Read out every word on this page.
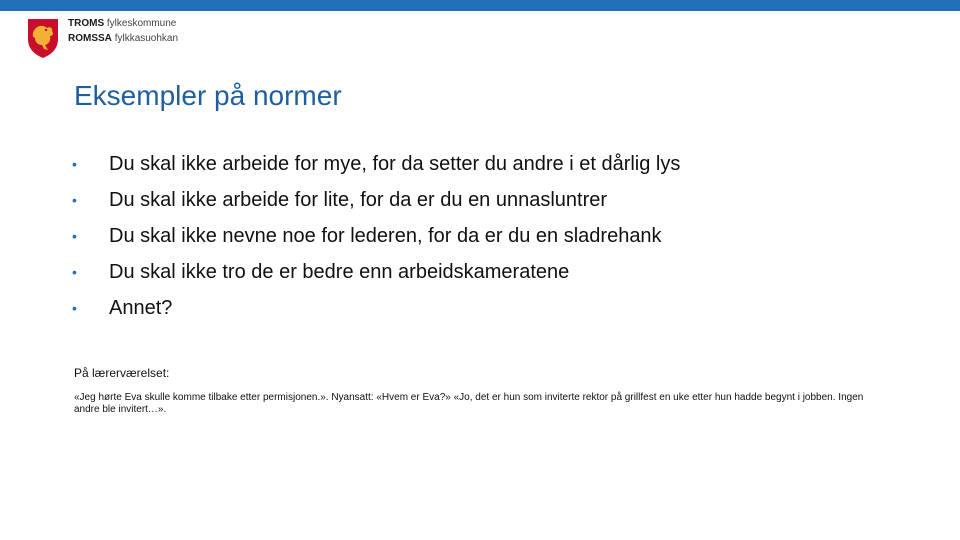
TROMS fylkeskommune
ROMSSA fylkkasuohkan
Eksempler på normer
•	Du skal ikke arbeide for mye, for da setter du andre i et dårlig lys
•	Du skal ikke arbeide for lite, for da er du en unnasluntrer
•	Du skal ikke nevne noe for lederen, for da er du en sladrehank
•	Du skal ikke tro de er bedre enn arbeidskameratene
•	Annet?
På lærerværelset:
«Jeg hørte Eva skulle komme tilbake etter permisjonen.». Nyansatt: «Hvem er Eva?» «Jo, det er hun som inviterte rektor på grillfest en uke etter hun hadde begynt i jobben. Ingen andre ble invitert…».
